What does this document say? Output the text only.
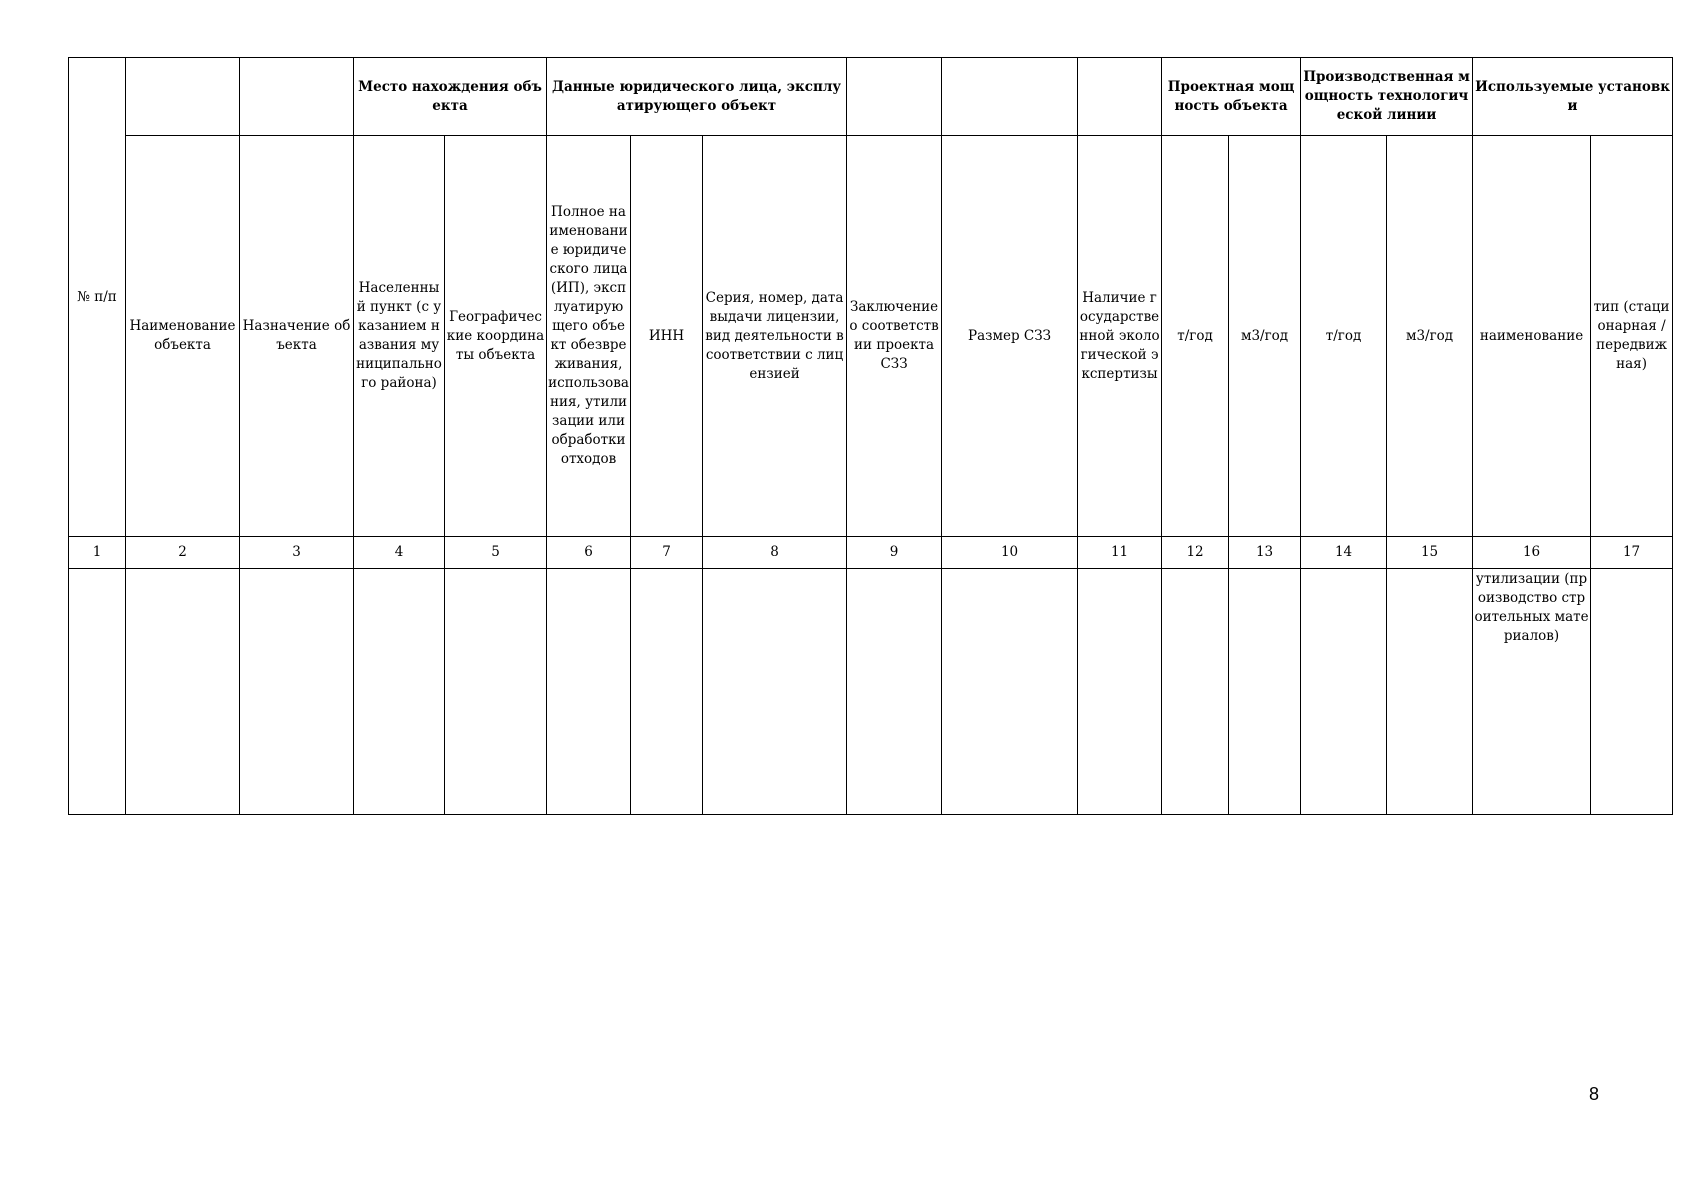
№ п/п			Место нахождения объекта		Данные юридического лица, эксплуатирующего объект						Проектная мощность объекта		Производственная мощность технологической линии		Используемые установки	
	Наименование объекта	Назначение объекта	Населенный пункт (с указанием названия муниципального района)	Географические координаты объекта	Полное наименование юридического лица (ИП), эксплуатирующего объект обезвреживания, использования, утилизации или обработки отходов	ИНН	Серия, номер, дата выдачи лицензии, вид деятельности в соответствии с лицензией	Заключение о соответствии проекта СЗЗ	Размер СЗЗ	Наличие государственной экологической экспертизы	т/год	м3/год	т/год	м3/год	наименование	тип (стационарная / передвижная)
1	2	3	4	5	6	7	8	9	10	11	12	13	14	15	16	17
															утилизации (производство строительных материалов)	
8
